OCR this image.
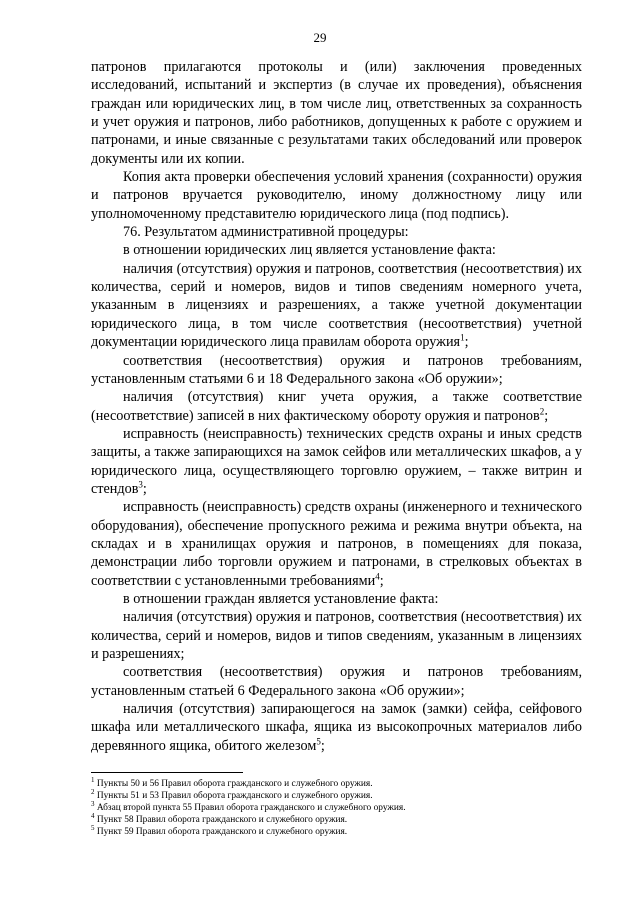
29

патронов прилагаются протоколы и (или) заключения проведенных исследований, испытаний и экспертиз (в случае их проведения), объяснения граждан или юридических лиц, в том числе лиц, ответственных за сохранность и учет оружия и патронов, либо работников, допущенных к работе с оружием и патронами, и иные связанные с результатами таких обследований или проверок документы или их копии.

Копия акта проверки обеспечения условий хранения (сохранности) оружия и патронов вручается руководителю, иному должностному лицу или уполномоченному представителю юридического лица (под подпись).

76. Результатом административной процедуры:

в отношении юридических лиц является установление факта:

наличия (отсутствия) оружия и патронов, соответствия (несоответствия) их количества, серий и номеров, видов и типов сведениям номерного учета, указанным в лицензиях и разрешениях, а также учетной документации юридического лица, в том числе соответствия (несоответствия) учетной документации юридического лица правилам оборота оружия$^1$;

соответствия (несоответствия) оружия и патронов требованиям, установленным статьями 6 и 18 Федерального закона «Об оружии»;

наличия (отсутствия) книг учета оружия, а также соответствие (несоответствие) записей в них фактическому обороту оружия и патронов$^2$;

исправность (неисправность) технических средств охраны и иных средств защиты, а также запирающихся на замок сейфов или металлических шкафов, а у юридического лица, осуществляющего торговлю оружием, – также витрин и стендов$^3$;

исправность (неисправность) средств охраны (инженерного и технического оборудования), обеспечение пропускного режима и режима внутри объекта, на складах и в хранилищах оружия и патронов, в помещениях для показа, демонстрации либо торговли оружием и патронами, в стрелковых объектах в соответствии с установленными требованиями$^4$;

в отношении граждан является установление факта:

наличия (отсутствия) оружия и патронов, соответствия (несоответствия) их количества, серий и номеров, видов и типов сведениям, указанным в лицензиях и разрешениях;

соответствия (несоответствия) оружия и патронов требованиям, установленным статьей 6 Федерального закона «Об оружии»;

наличия (отсутствия) запирающегося на замок (замки) сейфа, сейфового шкафа или металлического шкафа, ящика из высокопрочных материалов либо деревянного ящика, обитого железом$^5$;

$^1$ Пункты 50 и 56 Правил оборота гражданского и служебного оружия.
$^2$ Пункты 51 и 53 Правил оборота гражданского и служебного оружия.
$^3$ Абзац второй пункта 55 Правил оборота гражданского и служебного оружия.
$^4$ Пункт 58 Правил оборота гражданского и служебного оружия.
$^5$ Пункт 59 Правил оборота гражданского и служебного оружия.
